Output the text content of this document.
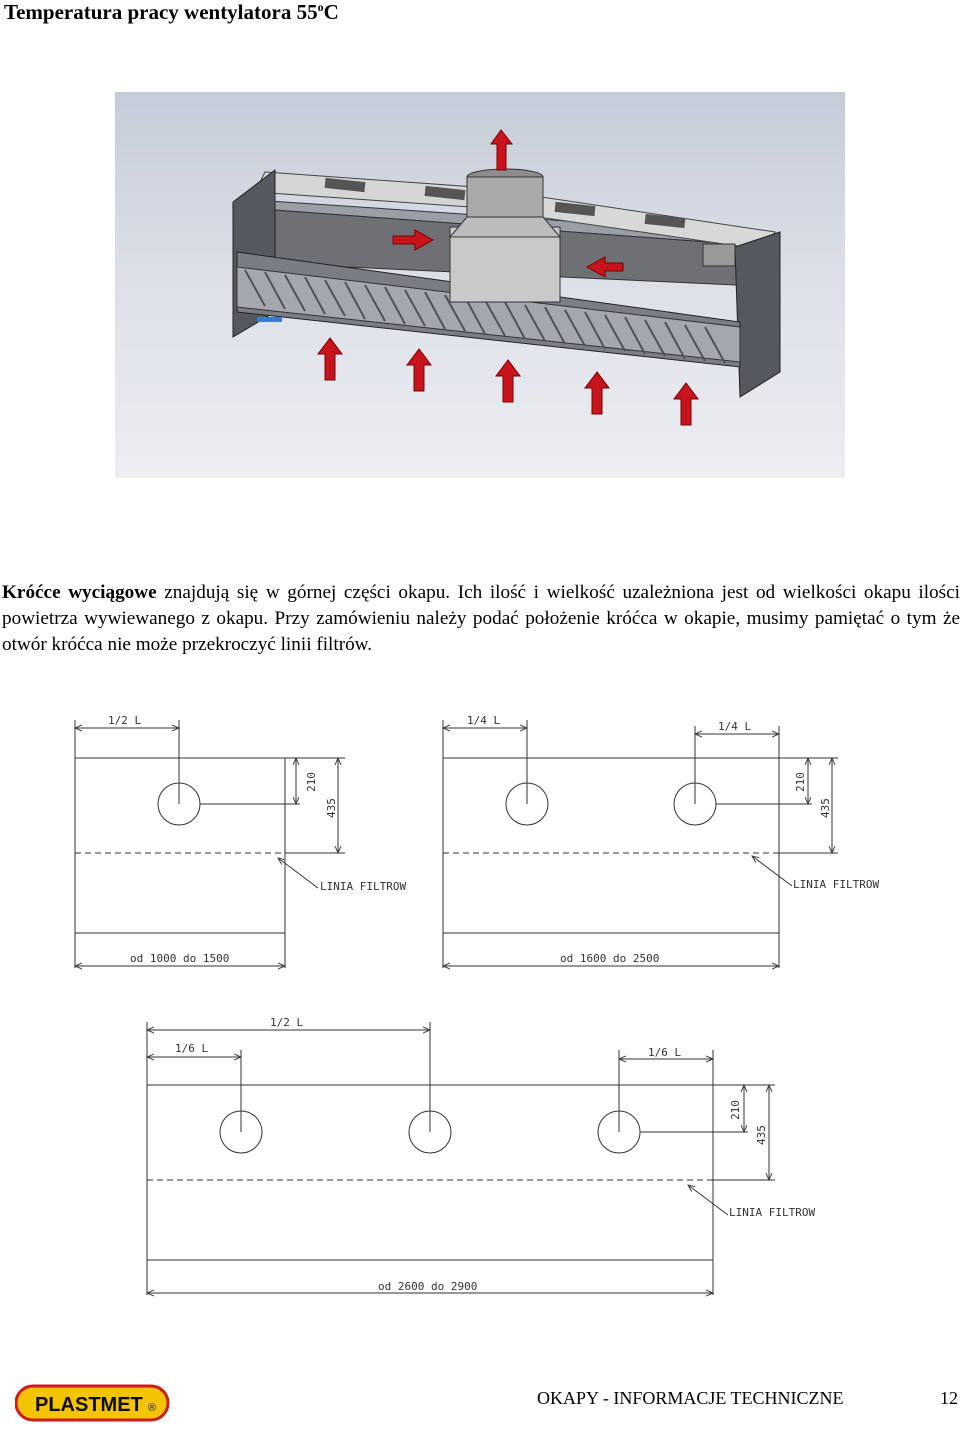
Temperatura pracy wentylatora 55$^o$C
Króćce wyciągowe znajdują się w górnej części okapu. Ich ilość i wielkość uzależniona jest od wielkości okapu ilości powietrza wywiewanego z okapu. Przy zamówieniu należy podać położenie króćca w okapie, musimy pamiętać o tym że otwór króćca nie może przekroczyć linii filtrów.
1/2 L
210
435
LINIA FILTROW
od 1000 do 1500
1/4 L	1/4 L
210
435
LINIA FILTROW
od 1600 do 2500
1/2 L
1/6 L	1/6 L
210
435
LINIA FILTROW
od 2600 do 2900
PLASTMET ®	OKAPY - INFORMACJE TECHNICZNE	12
